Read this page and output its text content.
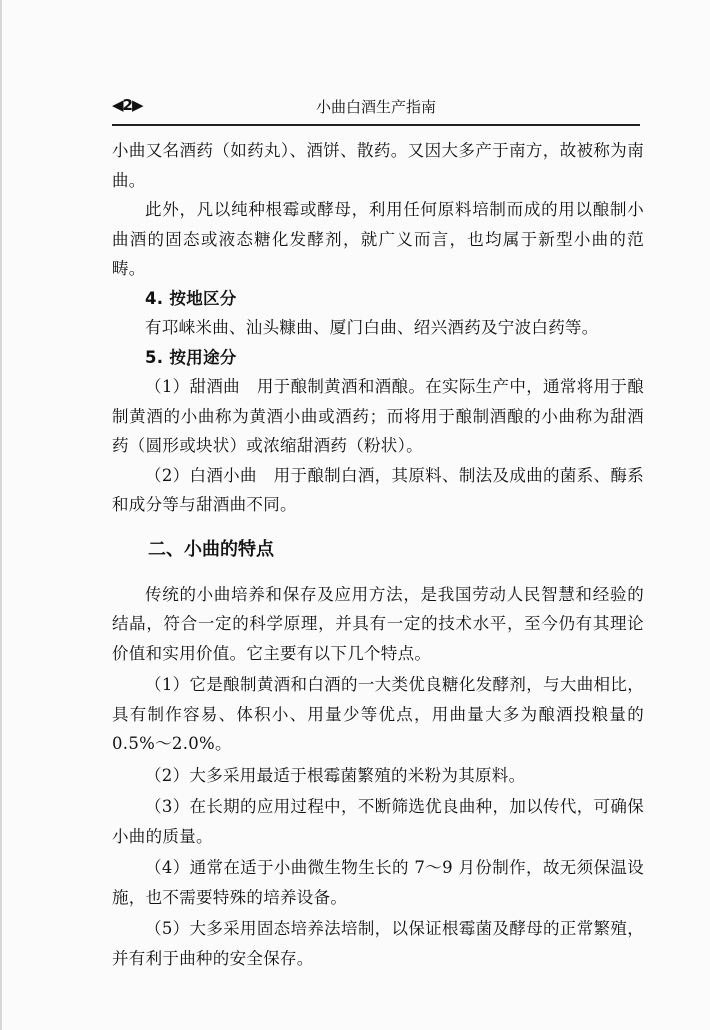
◀2▶	小曲白酒生产指南

小曲又名酒药（如药丸）、酒饼、散药。又因大多产于南方，故被称为南曲。

此外，凡以纯种根霉或酵母，利用任何原料培制而成的用以酿制小曲酒的固态或液态糖化发酵剂，就广义而言，也均属于新型小曲的范畴。

4. 按地区分

有邛崃米曲、汕头糠曲、厦门白曲、绍兴酒药及宁波白药等。

5. 按用途分

（1）甜酒曲　用于酿制黄酒和酒酿。在实际生产中，通常将用于酿制黄酒的小曲称为黄酒小曲或酒药；而将用于酿制酒酿的小曲称为甜酒药（圆形或块状）或浓缩甜酒药（粉状）。

（2）白酒小曲　用于酿制白酒，其原料、制法及成曲的菌系、酶系和成分等与甜酒曲不同。

二、小曲的特点

传统的小曲培养和保存及应用方法，是我国劳动人民智慧和经验的结晶，符合一定的科学原理，并具有一定的技术水平，至今仍有其理论价值和实用价值。它主要有以下几个特点。

（1）它是酿制黄酒和白酒的一大类优良糖化发酵剂，与大曲相比，具有制作容易、体积小、用量少等优点，用曲量大多为酿酒投粮量的 0.5%～2.0%。

（2）大多采用最适于根霉菌繁殖的米粉为其原料。

（3）在长期的应用过程中，不断筛选优良曲种，加以传代，可确保小曲的质量。

（4）通常在适于小曲微生物生长的 7～9 月份制作，故无须保温设施，也不需要特殊的培养设备。

（5）大多采用固态培养法培制，以保证根霉菌及酵母的正常繁殖，并有利于曲种的安全保存。
